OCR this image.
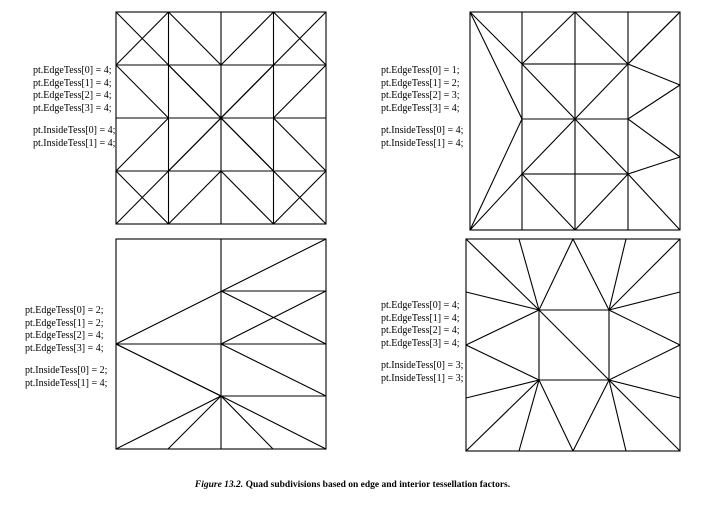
pt.EdgeTess[0] = 4;
pt.EdgeTess[1] = 4;
pt.EdgeTess[2] = 4;
pt.EdgeTess[3] = 4;
pt.InsideTess[0] = 4;
pt.InsideTess[1] = 4;
pt.EdgeTess[0] = 1;
pt.EdgeTess[1] = 2;
pt.EdgeTess[2] = 3;
pt.EdgeTess[3] = 4;
pt.InsideTess[0] = 4;
pt.InsideTess[1] = 4;
pt.EdgeTess[0] = 2;
pt.EdgeTess[1] = 2;
pt.EdgeTess[2] = 4;
pt.EdgeTess[3] = 4;
pt.InsideTess[0] = 2;
pt.InsideTess[1] = 4;
pt.EdgeTess[0] = 4;
pt.EdgeTess[1] = 4;
pt.EdgeTess[2] = 4;
pt.EdgeTess[3] = 4;
pt.InsideTess[0] = 3;
pt.InsideTess[1] = 3;
Figure 13.2. Quad subdivisions based on edge and interior tessellation factors.
